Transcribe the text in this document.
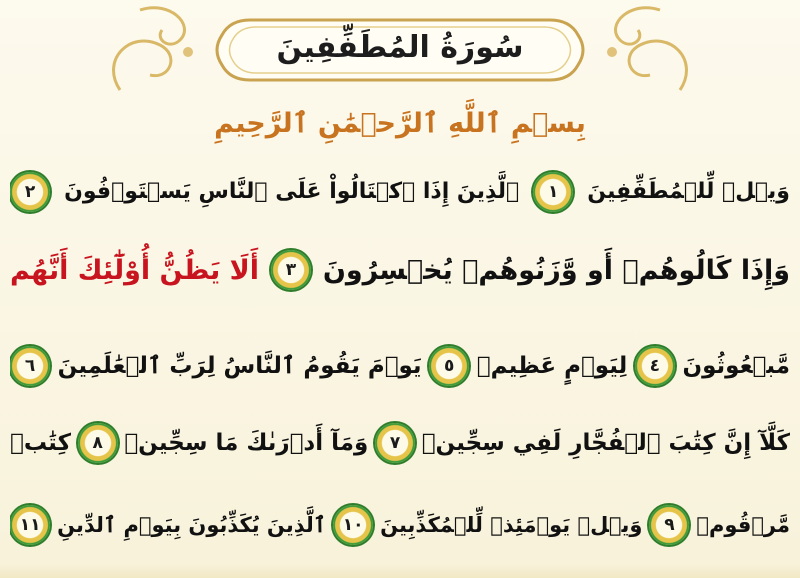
سُورَةُ المُطَفِّفِينَ
بِسۡمِ ٱللَّهِ ٱلرَّحۡمَٰنِ ٱلرَّحِيمِ
وَيۡلٞ لِّلۡمُطَفِّفِينَ
١
ٱلَّذِينَ إِذَا ٱكۡتَالُواْ عَلَى ٱلنَّاسِ يَسۡتَوۡفُونَ
٢
وَإِذَا كَالُوهُمۡ أَو وَّزَنُوهُمۡ يُخۡسِرُونَ
٣
أَلَا يَظُنُّ أُوْلَٰٓئِكَ أَنَّهُم
مَّبۡعُوثُونَ
٤
لِيَوۡمٍ عَظِيمٖ
٥
يَوۡمَ يَقُومُ ٱلنَّاسُ لِرَبِّ ٱلۡعَٰلَمِينَ
٦
كَلَّآ إِنَّ كِتَٰبَ ٱلۡفُجَّارِ لَفِي سِجِّينٖ
٧
وَمَآ أَدۡرَىٰكَ مَا سِجِّينٞ
٨
كِتَٰبٞ
مَّرۡقُومٞ
٩
وَيۡلٞ يَوۡمَئِذٖ لِّلۡمُكَذِّبِينَ
١٠
ٱلَّذِينَ يُكَذِّبُونَ بِيَوۡمِ ٱلدِّينِ
١١
